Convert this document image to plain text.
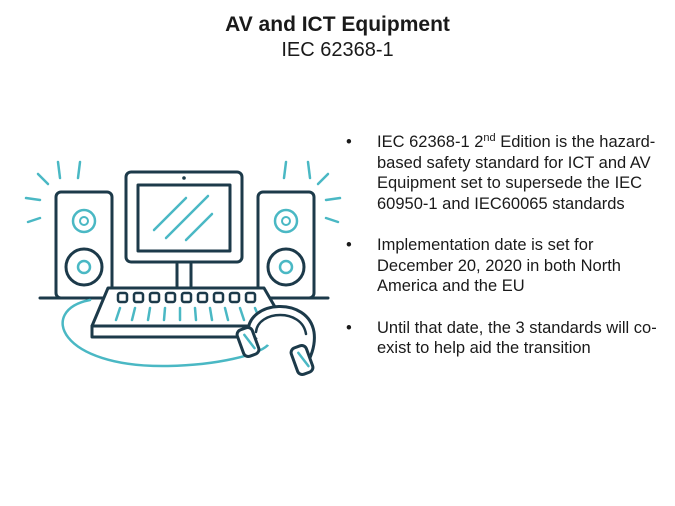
AV and ICT Equipment

IEC 62368-1

• IEC 62368-1 2nd Edition is the hazard-based safety standard for ICT and AV Equipment set to supersede the IEC 60950-1 and IEC60065 standards
• Implementation date is set for December 20, 2020 in both North America and the EU
• Until that date, the 3 standards will co-exist to help aid the transition
